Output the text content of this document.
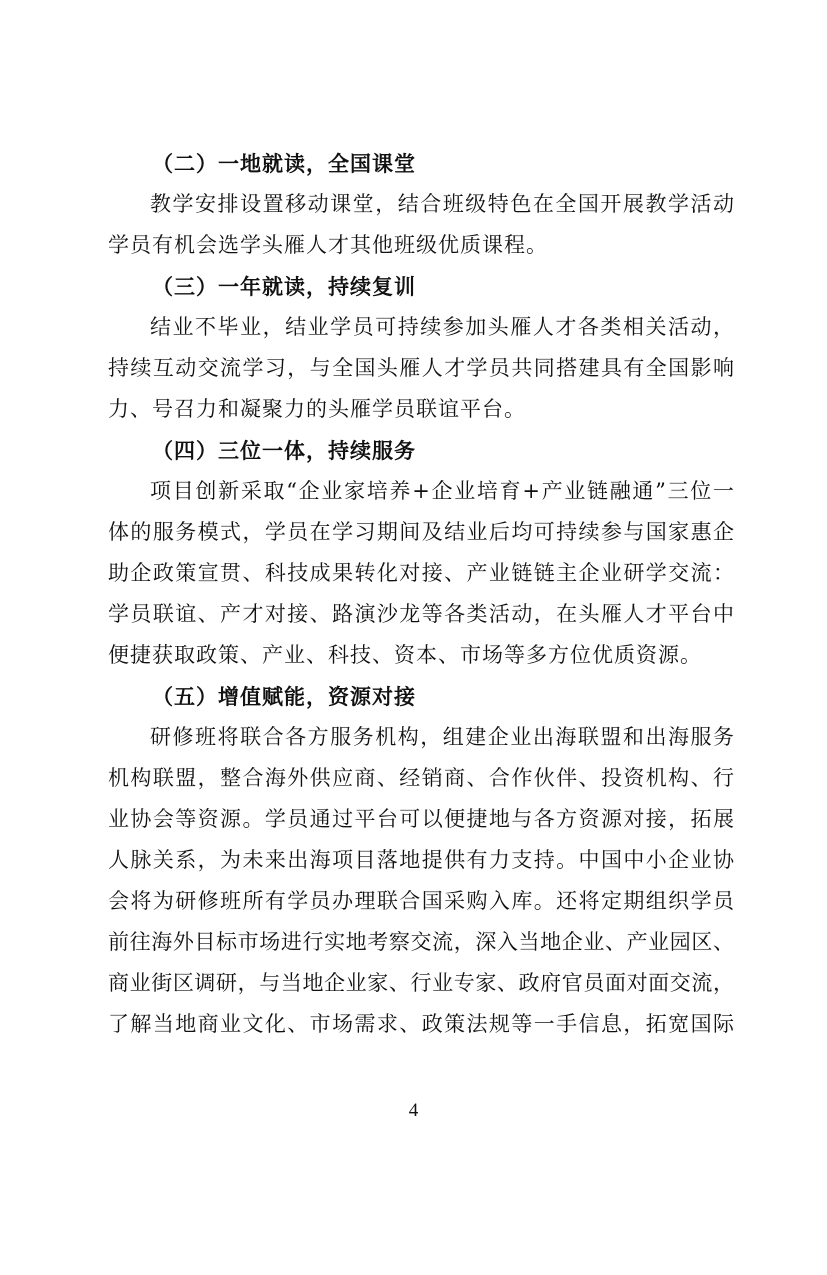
（二）一地就读，全国课堂
教学安排设置移动课堂，结合班级特色在全国开展教学活动
学员有机会选学头雁人才其他班级优质课程。
（三）一年就读，持续复训
结业不毕业，结业学员可持续参加头雁人才各类相关活动，
持续互动交流学习，与全国头雁人才学员共同搭建具有全国影响
力、号召力和凝聚力的头雁学员联谊平台。
（四）三位一体，持续服务
项目创新采取“企业家培养+企业培育+产业链融通”三位一
体的服务模式，学员在学习期间及结业后均可持续参与国家惠企
助企政策宣贯、科技成果转化对接、产业链链主企业研学交流：
学员联谊、产才对接、路演沙龙等各类活动，在头雁人才平台中
便捷获取政策、产业、科技、资本、市场等多方位优质资源。
（五）增值赋能，资源对接
研修班将联合各方服务机构，组建企业出海联盟和出海服务
机构联盟，整合海外供应商、经销商、合作伙伴、投资机构、行
业协会等资源。学员通过平台可以便捷地与各方资源对接，拓展
人脉关系，为未来出海项目落地提供有力支持。中国中小企业协
会将为研修班所有学员办理联合国采购入库。还将定期组织学员
前往海外目标市场进行实地考察交流，深入当地企业、产业园区、
商业街区调研，与当地企业家、行业专家、政府官员面对面交流，
了解当地商业文化、市场需求、政策法规等一手信息，拓宽国际
4
